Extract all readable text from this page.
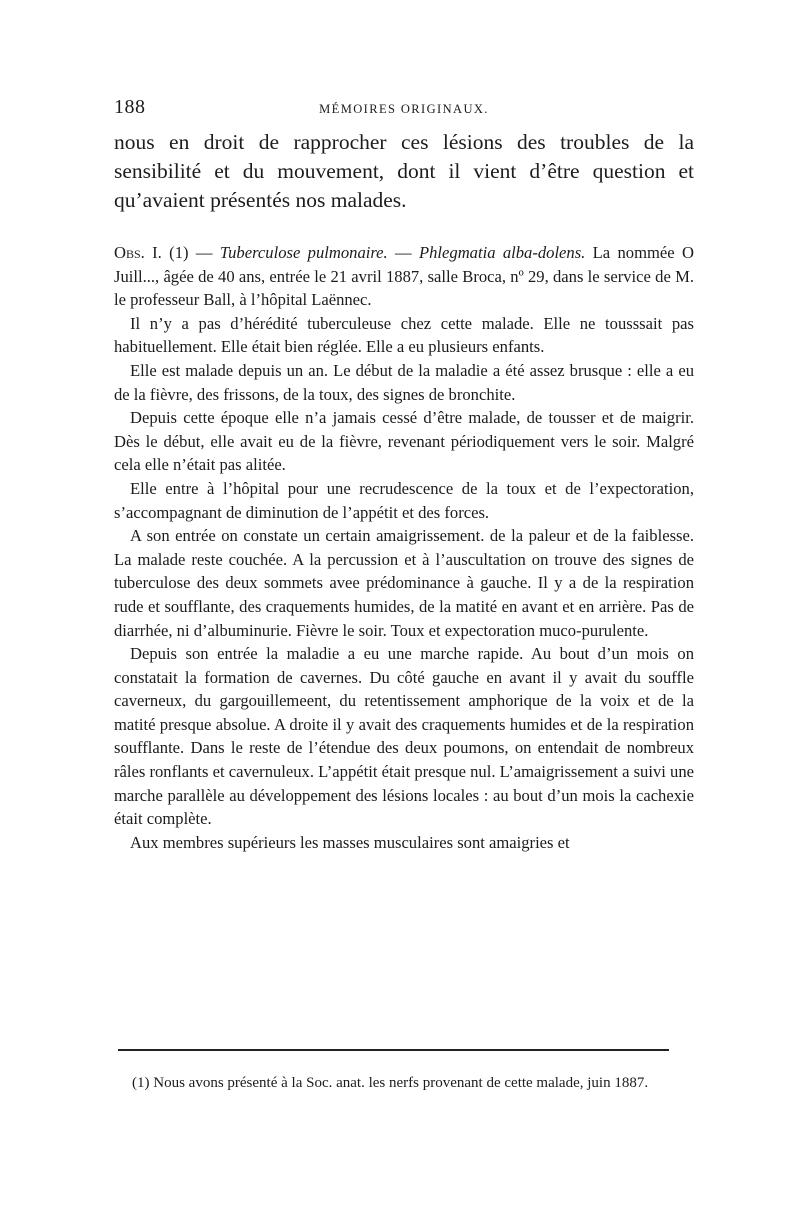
188	MÉMOIRES ORIGINAUX.

nous en droit de rapprocher ces lésions des troubles de la sensibilité et du mouvement, dont il vient d’être question et qu’avaient présentés nos malades.

Obs. I. (1) — Tuberculose pulmonaire. — Phlegmatia alba-dolens. La nommée O Juill..., âgée de 40 ans, entrée le 21 avril 1887, salle Broca, nº 29, dans le service de M. le professeur Ball, à l’hôpital Laënnec.

Il n’y a pas d’hérédité tuberculeuse chez cette malade. Elle ne tousssait pas habituellement. Elle était bien réglée. Elle a eu plusieurs enfants.

Elle est malade depuis un an. Le début de la maladie a été assez brusque : elle a eu de la fièvre, des frissons, de la toux, des signes de bronchite.

Depuis cette époque elle n’a jamais cessé d’être malade, de tousser et de maigrir. Dès le début, elle avait eu de la fièvre, revenant périodiquement vers le soir. Malgré cela elle n’était pas alitée.

Elle entre à l’hôpital pour une recrudescence de la toux et de l’expectoration, s’accompagnant de diminution de l’appétit et des forces.

A son entrée on constate un certain amaigrissement. de la paleur et de la faiblesse. La malade reste couchée. A la percussion et à l’auscultation on trouve des signes de tuberculose des deux sommets avee prédominance à gauche. Il y a de la respiration rude et soufflante, des craquements humides, de la matité en avant et en arrière. Pas de diarrhée, ni d’albuminurie. Fièvre le soir. Toux et expectoration muco-purulente.

Depuis son entrée la maladie a eu une marche rapide. Au bout d’un mois on constatait la formation de cavernes. Du côté gauche en avant il y avait du souffle caverneux, du gargouillemeent, du retentissement amphorique de la voix et de la matité presque absolue. A droite il y avait des craquements humides et de la respiration soufflante. Dans le reste de l’étendue des deux poumons, on entendait de nombreux râles ronflants et cavernuleux. L’appétit était presque nul. L’amaigrissement a suivi une marche parallèle au développement des lésions locales : au bout d’un mois la cachexie était complète.

Aux membres supérieurs les masses musculaires sont amaigries et

(1) Nous avons présenté à la Soc. anat. les nerfs provenant de cette malade, juin 1887.
